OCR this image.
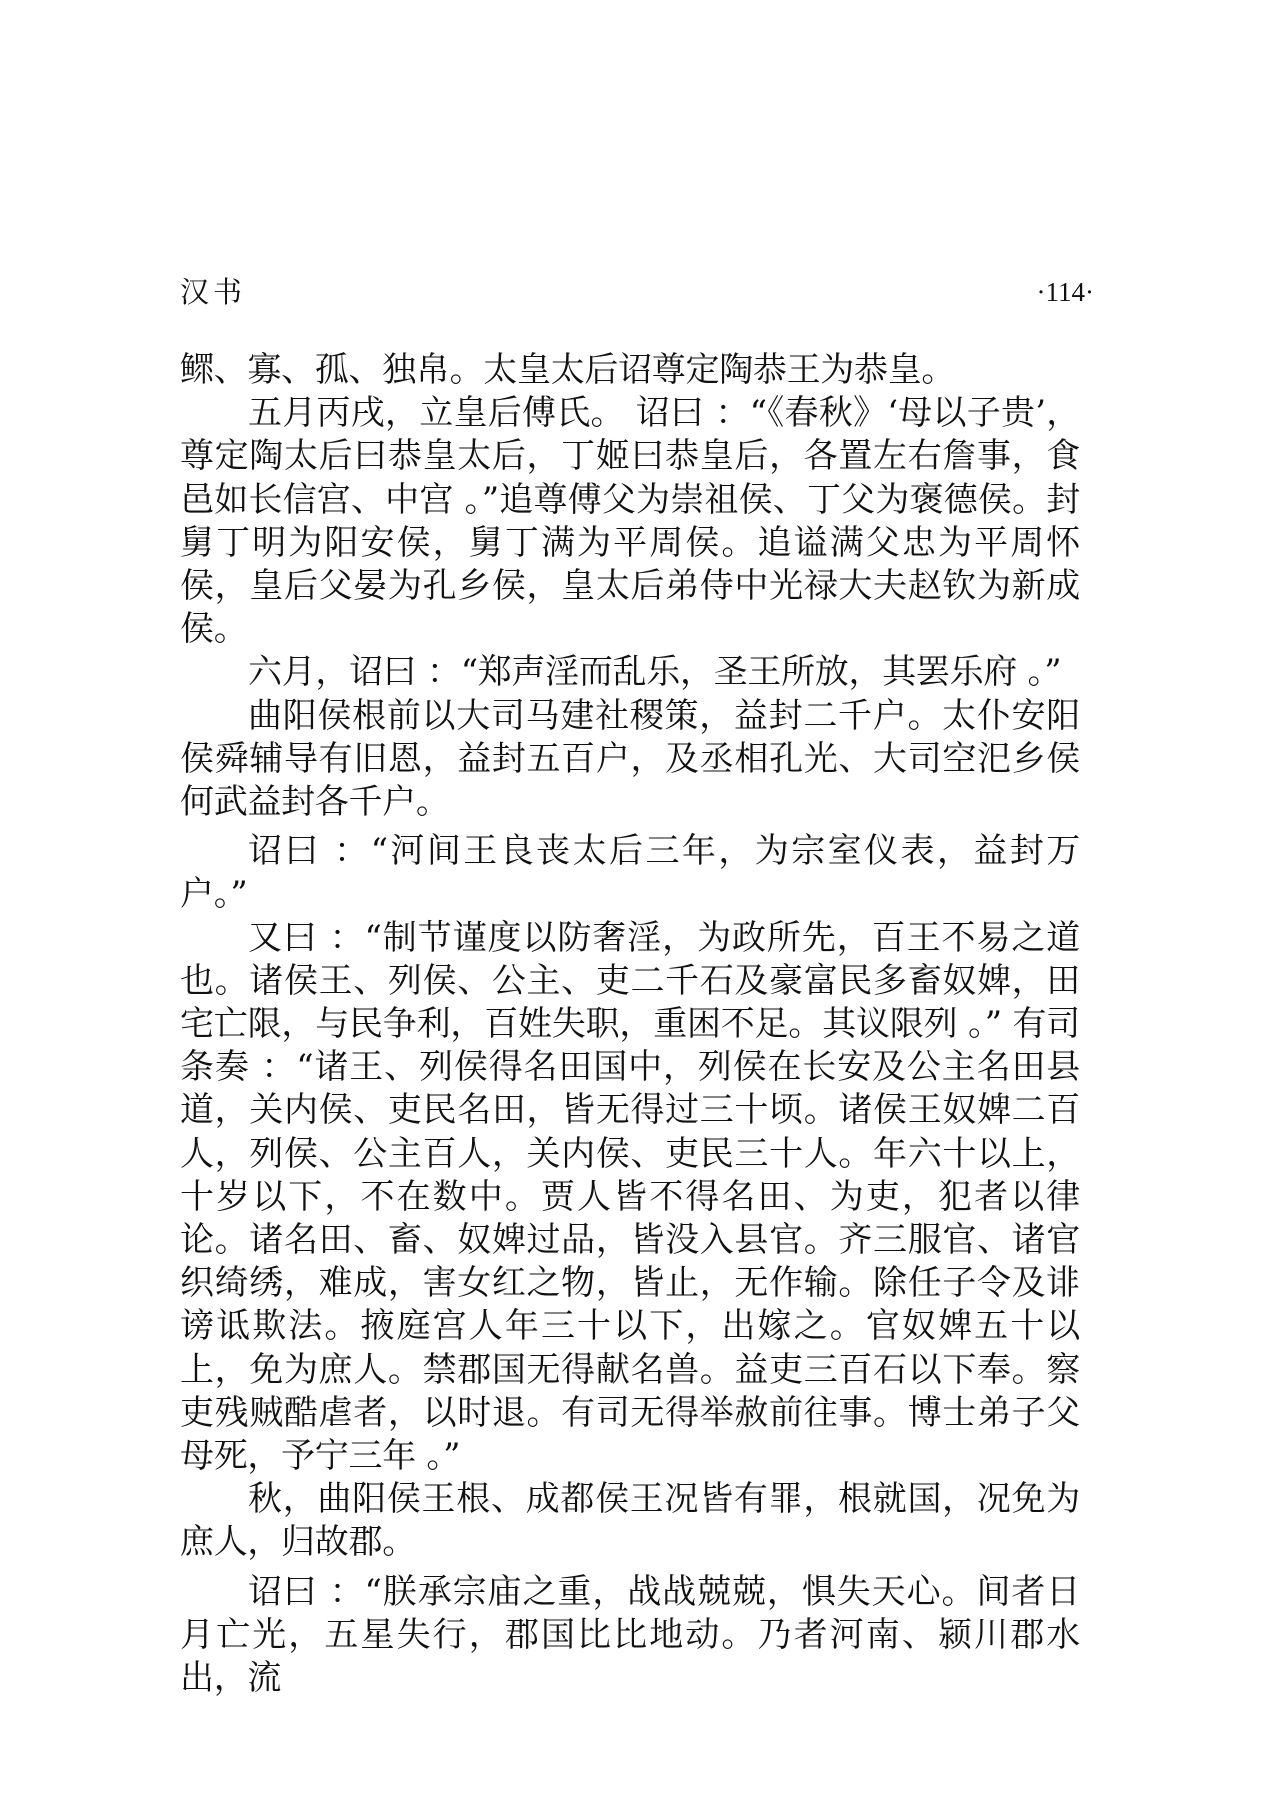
汉书	·114·

鳏、寡、孤、独帛。太皇太后诏尊定陶恭王为恭皇。

五月丙戌，立皇后傅氏。 诏曰 ：“《春秋》‘母以子贵’，尊定陶太后曰恭皇太后，丁姬曰恭皇后，各置左右詹事，食邑如长信宫、中宫 。”追尊傅父为崇祖侯、丁父为褒德侯。封舅丁明为阳安侯，舅丁满为平周侯。追谥满父忠为平周怀侯，皇后父晏为孔乡侯，皇太后弟侍中光禄大夫赵钦为新成侯。

六月，诏曰 ：“郑声淫而乱乐，圣王所放，其罢乐府 。”

曲阳侯根前以大司马建社稷策，益封二千户。太仆安阳侯舜辅导有旧恩，益封五百户，及丞相孔光、大司空汜乡侯何武益封各千户。

诏曰 ：“河间王良丧太后三年，为宗室仪表，益封万户。”

又曰 ：“制节谨度以防奢淫，为政所先，百王不易之道也。诸侯王、列侯、公主、吏二千石及豪富民多畜奴婢，田宅亡限，与民争利，百姓失职，重困不足。其议限列 。” 有司条奏 ：“诸王、列侯得名田国中，列侯在长安及公主名田县道，关内侯、吏民名田，皆无得过三十顷。诸侯王奴婢二百人，列侯、公主百人，关内侯、吏民三十人。年六十以上，十岁以下，不在数中。贾人皆不得名田、为吏，犯者以律论。诸名田、畜、奴婢过品，皆没入县官。齐三服官、诸官织绮绣，难成，害女红之物，皆止，无作输。除任子令及诽谤诋欺法。掖庭宫人年三十以下，出嫁之。官奴婢五十以上，免为庶人。禁郡国无得献名兽。益吏三百石以下奉。察吏残贼酷虐者，以时退。有司无得举赦前往事。博士弟子父母死，予宁三年 。”

秋，曲阳侯王根、成都侯王况皆有罪，根就国，况免为庶人，归故郡。

诏曰 ：“朕承宗庙之重，战战兢兢，惧失天心。间者日月亡光，五星失行，郡国比比地动。乃者河南、颍川郡水出，流
